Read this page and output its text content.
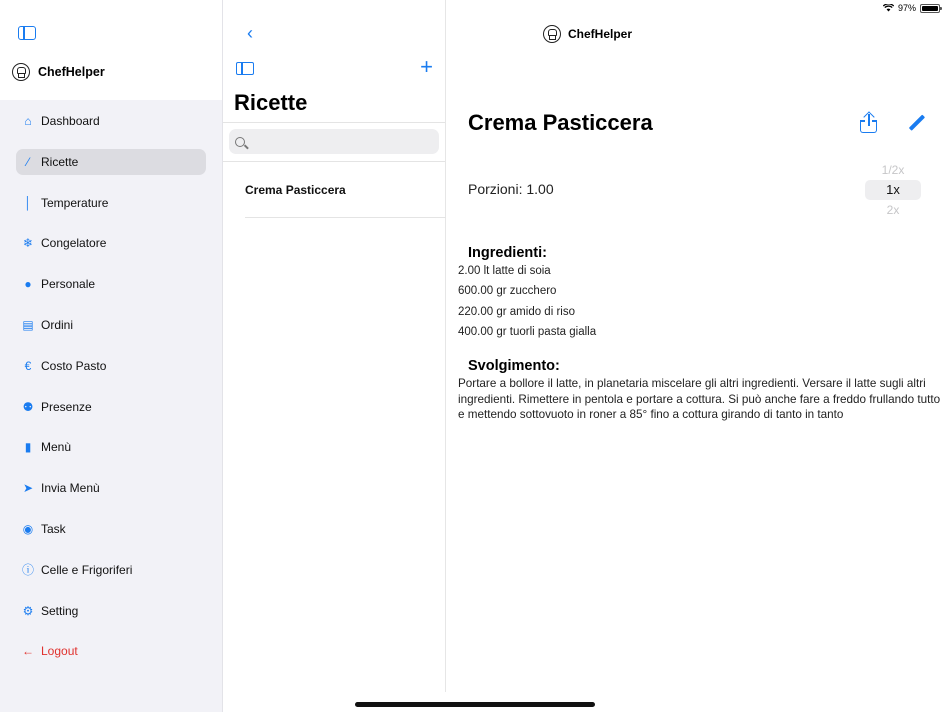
97%
ChefHelper
⌂ Dashboard
⁄	Ricette
│ Temperature
❄ Congelatore
● Personale
▤ Ordini
€ Costo Pasto
⚉ Presenze
▮ Menù
➤ Invia Menù
◉ Task
ⓘ Celle e Frigoriferi
⚙ Setting
← Logout
‹
+
Ricette
Crema Pasticcera
ChefHelper
Crema Pasticcera
Porzioni: 1.00
1/2x
1x
2x
Ingredienti:
2.00 lt latte di soia
600.00 gr zucchero
220.00 gr amido di riso
400.00 gr tuorli pasta gialla
Svolgimento:

Portare a bollore il latte, in planetaria miscelare gli altri ingredienti. Versare il latte sugli altri ingredienti. Rimettere in pentola e portare a cottura. Si può anche fare a freddo frullando tutto e mettendo sottovuoto in roner a 85° fino a cottura girando di tanto in tanto
